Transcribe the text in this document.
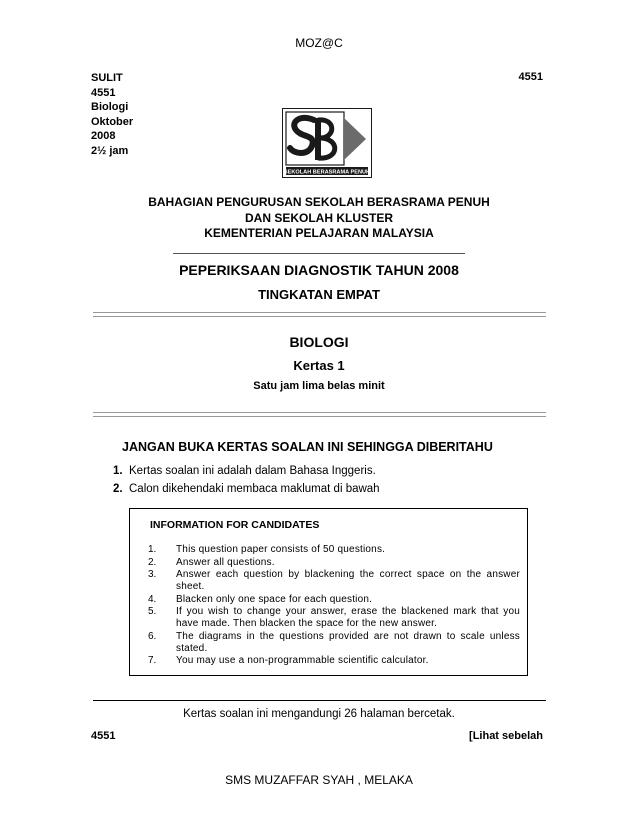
MOZ@C
SULIT
4551
Biologi
Oktober
2008
2½ jam
4551
SEKOLAH BERASRAMA PENUH
BAHAGIAN PENGURUSAN SEKOLAH BERASRAMA PENUH
DAN SEKOLAH KLUSTER
KEMENTERIAN PELAJARAN MALAYSIA
PEPERIKSAAN DIAGNOSTIK TAHUN 2008
TINGKATAN EMPAT
BIOLOGI
Kertas 1
Satu jam lima belas minit
JANGAN BUKA KERTAS SOALAN INI SEHINGGA DIBERITAHU
1. Kertas soalan ini adalah dalam Bahasa Inggeris.
2. Calon dikehendaki membaca maklumat di bawah
INFORMATION FOR CANDIDATES
1.	This question paper consists of 50 questions.
2.	Answer all questions.
3.	Answer each question by blackening the correct space on the answer sheet.
4.	Blacken only one space for each question.
5.	If you wish to change your answer, erase the blackened mark that you have made. Then blacken the space for the new answer.
6.	The diagrams in the questions provided are not drawn to scale unless stated.
7.	You may use a non-programmable scientific calculator.
Kertas soalan ini mengandungi 26 halaman bercetak.
4551	[Lihat sebelah
SMS MUZAFFAR SYAH , MELAKA
